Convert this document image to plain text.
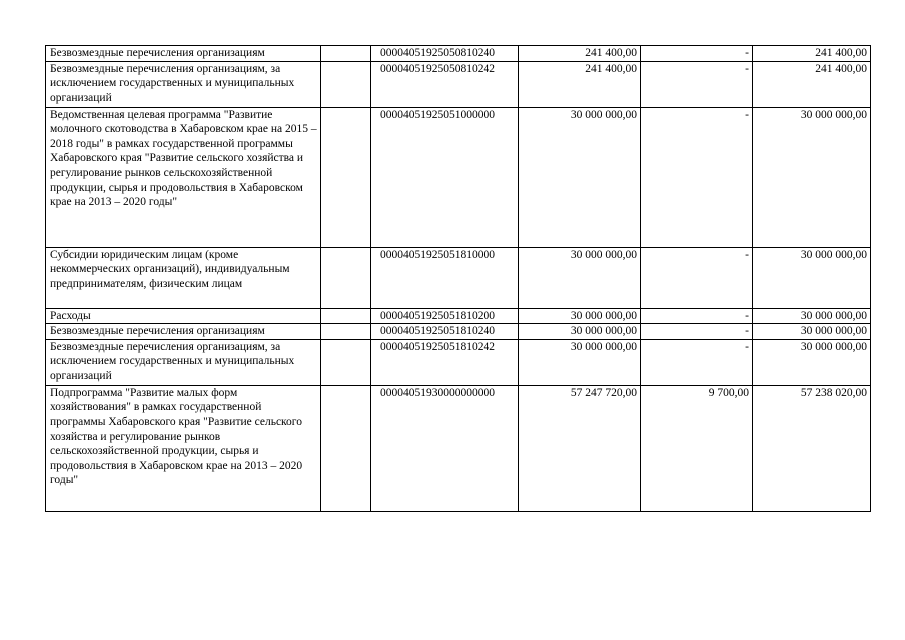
Безвозмездные перечисления организациям		00004051925050810240	241 400,00	-	241 400,00
Безвозмездные перечисления организациям, за исключением государственных и муниципальных организаций		00004051925050810242	241 400,00	-	241 400,00
Ведомственная целевая программа "Развитие молочного скотоводства в Хабаровском крае на 2015 – 2018 годы" в рамках государственной программы Хабаровского края "Развитие сельского хозяйства и регулирование рынков сельскохозяйственной продукции, сырья и продовольствия в Хабаровском крае на 2013 – 2020 годы"		00004051925051000000	30 000 000,00	-	30 000 000,00
Субсидии юридическим лицам (кроме некоммерческих организаций), индивидуальным предпринимателям, физическим лицам		00004051925051810000	30 000 000,00	-	30 000 000,00
Расходы		00004051925051810200	30 000 000,00	-	30 000 000,00
Безвозмездные перечисления организациям		00004051925051810240	30 000 000,00	-	30 000 000,00
Безвозмездные перечисления организациям, за исключением государственных и муниципальных организаций		00004051925051810242	30 000 000,00	-	30 000 000,00
Подпрограмма "Развитие малых форм хозяйствования" в рамках государственной программы Хабаровского края "Развитие сельского хозяйства и регулирование рынков сельскохозяйственной продукции, сырья и продовольствия в Хабаровском крае на 2013 – 2020 годы"		00004051930000000000	57 247 720,00	9 700,00	57 238 020,00
